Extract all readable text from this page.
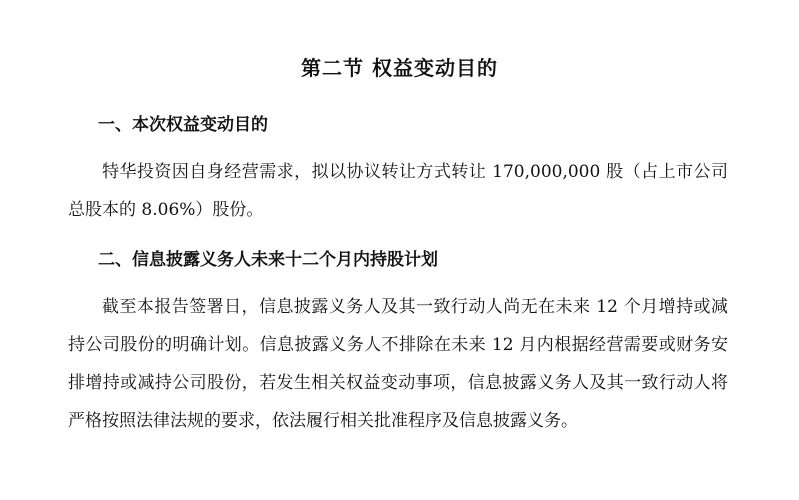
第二节 权益变动目的
一、本次权益变动目的
特华投资因自身经营需求，拟以协议转让方式转让 170,000,000 股（占上市公司总股本的 8.06%）股份。
二、信息披露义务人未来十二个月内持股计划
截至本报告签署日，信息披露义务人及其一致行动人尚无在未来 12 个月增持或减持公司股份的明确计划。信息披露义务人不排除在未来 12 月内根据经营需要或财务安排增持或减持公司股份，若发生相关权益变动事项，信息披露义务人及其一致行动人将严格按照法律法规的要求，依法履行相关批准程序及信息披露义务。
